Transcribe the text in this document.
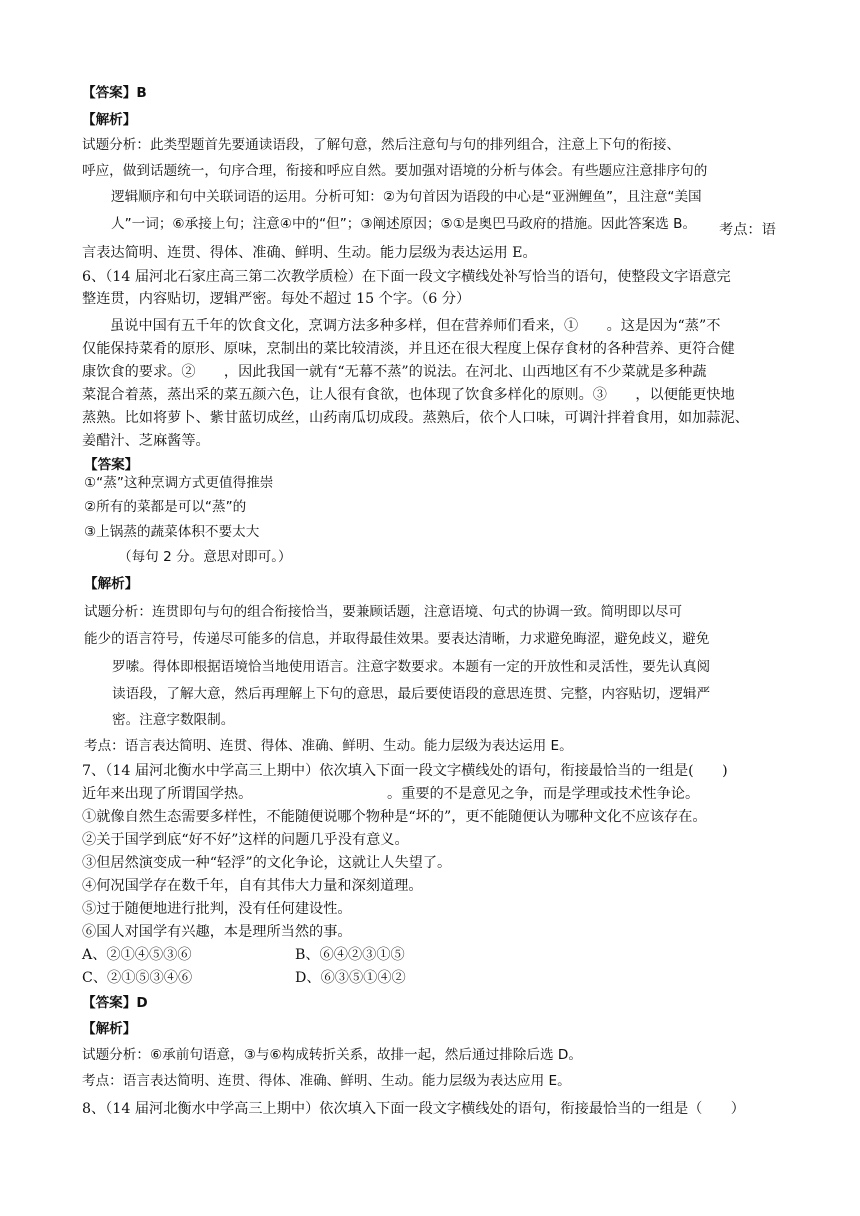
【答案】B
【解析】
试题分析：此类型题首先要通读语段，了解句意，然后注意句与句的排列组合，注意上下句的衔接、
呼应，做到话题统一，句序合理，衔接和呼应自然。要加强对语境的分析与体会。有些题应注意排序句的
逻辑顺序和句中关联词语的运用。分析可知：②为句首因为语段的中心是“亚洲鲤鱼”，且注意“美国
人”一词；⑥承接上句；注意④中的“但”；③阐述原因；⑤①是奥巴马政府的措施。因此答案选 B。 考点：语
言表达简明、连贯、得体、准确、鲜明、生动。能力层级为表达运用 E。
6、（14 届河北石家庄高三第二次教学质检）在下面一段文字横线处补写恰当的语句，使整段文字语意完
整连贯，内容贴切，逻辑严密。每处不超过 15 个字。（6 分）
虽说中国有五千年的饮食文化，烹调方法多种多样，但在营养师们看来，①　　。这是因为“蒸”不
仅能保持菜肴的原形、原味，烹制出的菜比较清淡，并且还在很大程度上保存食材的各种营养、更符合健
康饮食的要求。②　　，因此我国一就有“无幕不蒸”的说法。在河北、山西地区有不少菜就是多种蔬
菜混合着蒸，蒸出采的菜五颜六色，让人很有食欲，也体现了饮食多样化的原则。③　　，以便能更快地
蒸熟。比如将萝卜、紫甘蓝切成丝，山药南瓜切成段。蒸熟后，依个人口味，可调汁拌着食用，如加蒜泥、
姜醋汁、芝麻酱等。
【答案】
①“蒸”这种烹调方式更值得推崇
②所有的菜都是可以“蒸”的
③上锅蒸的蔬菜体积不要太大
（每句 2 分。意思对即可。）
【解析】
试题分析：连贯即句与句的组合衔接恰当，要兼顾话题，注意语境、句式的协调一致。简明即以尽可
能少的语言符号，传递尽可能多的信息，并取得最佳效果。要表达清晰，力求避免晦涩，避免歧义，避免
罗嗦。得体即根据语境恰当地使用语言。注意字数要求。本题有一定的开放性和灵活性，要先认真阅
读语段，了解大意，然后再理解上下句的意思，最后要使语段的意思连贯、完整，内容贴切，逻辑严
密。注意字数限制。
考点：语言表达简明、连贯、得体、准确、鲜明、生动。能力层级为表达运用 E。
7、（14 届河北衡水中学高三上期中）依次填入下面一段文字横线处的语句，衔接最恰当的一组是(　　)
近年来出现了所谓国学热。　　　　　　　　　　。重要的不是意见之争，而是学理或技术性争论。
①就像自然生态需要多样性，不能随便说哪个物种是“坏的”，更不能随便认为哪种文化不应该存在。
②关于国学到底“好不好”这样的问题几乎没有意义。
③但居然演变成一种“轻浮”的文化争论，这就让人失望了。
④何况国学存在数千年，自有其伟大力量和深刻道理。
⑤过于随便地进行批判，没有任何建设性。
⑥国人对国学有兴趣，本是理所当然的事。
A、②①④⑤③⑥	B、⑥④②③①⑤
C、②①⑤③④⑥	D、⑥③⑤①④②
【答案】D
【解析】
试题分析：⑥承前句语意，③与⑥构成转折关系，故排一起，然后通过排除后选 D。
考点：语言表达简明、连贯、得体、准确、鲜明、生动。能力层级为表达应用 E。
8、（14 届河北衡水中学高三上期中）依次填入下面一段文字横线处的语句，衔接最恰当的一组是（　　）
